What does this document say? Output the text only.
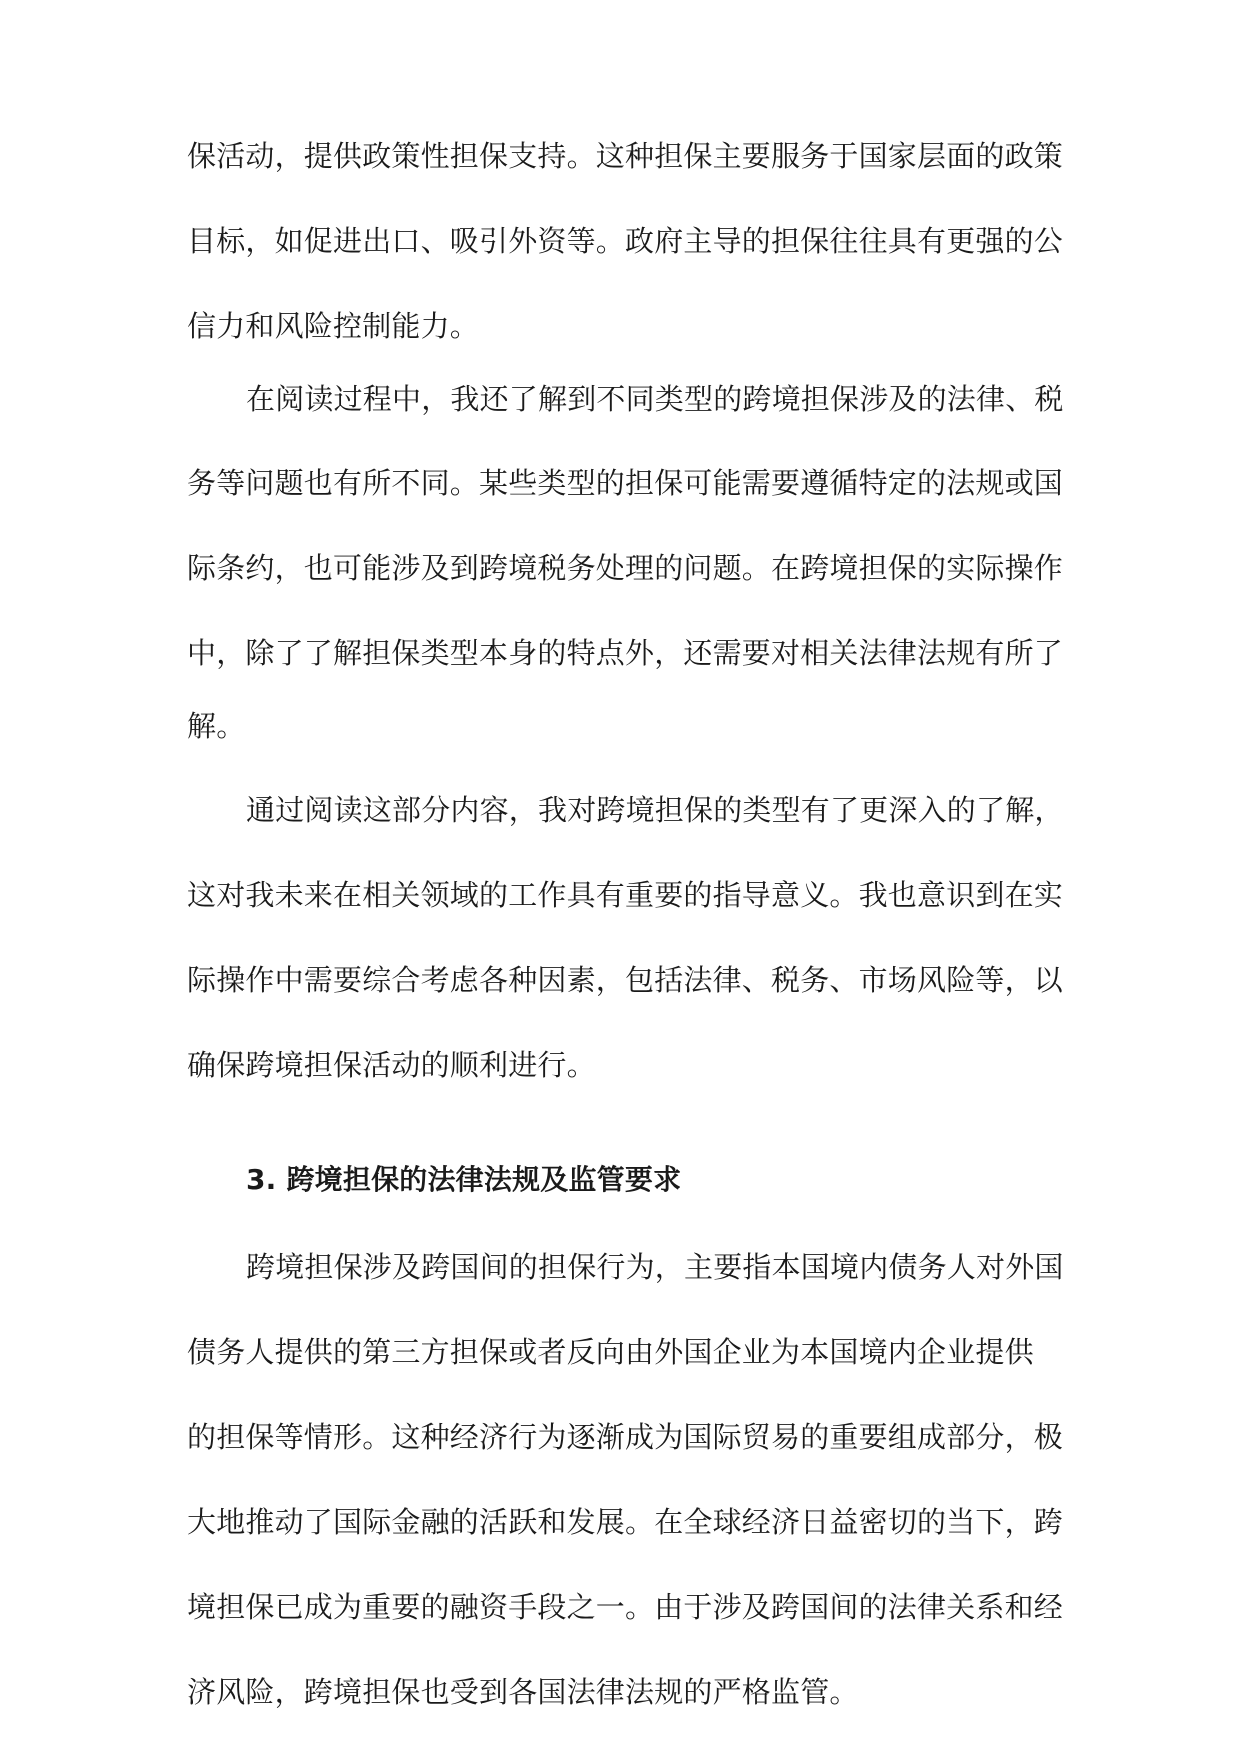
保活动，提供政策性担保支持。这种担保主要服务于国家层面的政策
目标，如促进出口、吸引外资等。政府主导的担保往往具有更强的公
信力和风险控制能力。
在阅读过程中，我还了解到不同类型的跨境担保涉及的法律、税
务等问题也有所不同。某些类型的担保可能需要遵循特定的法规或国
际条约，也可能涉及到跨境税务处理的问题。在跨境担保的实际操作
中，除了了解担保类型本身的特点外，还需要对相关法律法规有所了
解。
通过阅读这部分内容，我对跨境担保的类型有了更深入的了解，
这对我未来在相关领域的工作具有重要的指导意义。我也意识到在实
际操作中需要综合考虑各种因素，包括法律、税务、市场风险等，以
确保跨境担保活动的顺利进行。
3. 跨境担保的法律法规及监管要求
跨境担保涉及跨国间的担保行为，主要指本国境内债务人对外国
债务人提供的第三方担保或者反向由外国企业为本国境内企业提供
的担保等情形。这种经济行为逐渐成为国际贸易的重要组成部分，极
大地推动了国际金融的活跃和发展。在全球经济日益密切的当下，跨
境担保已成为重要的融资手段之一。由于涉及跨国间的法律关系和经
济风险，跨境担保也受到各国法律法规的严格监管。
